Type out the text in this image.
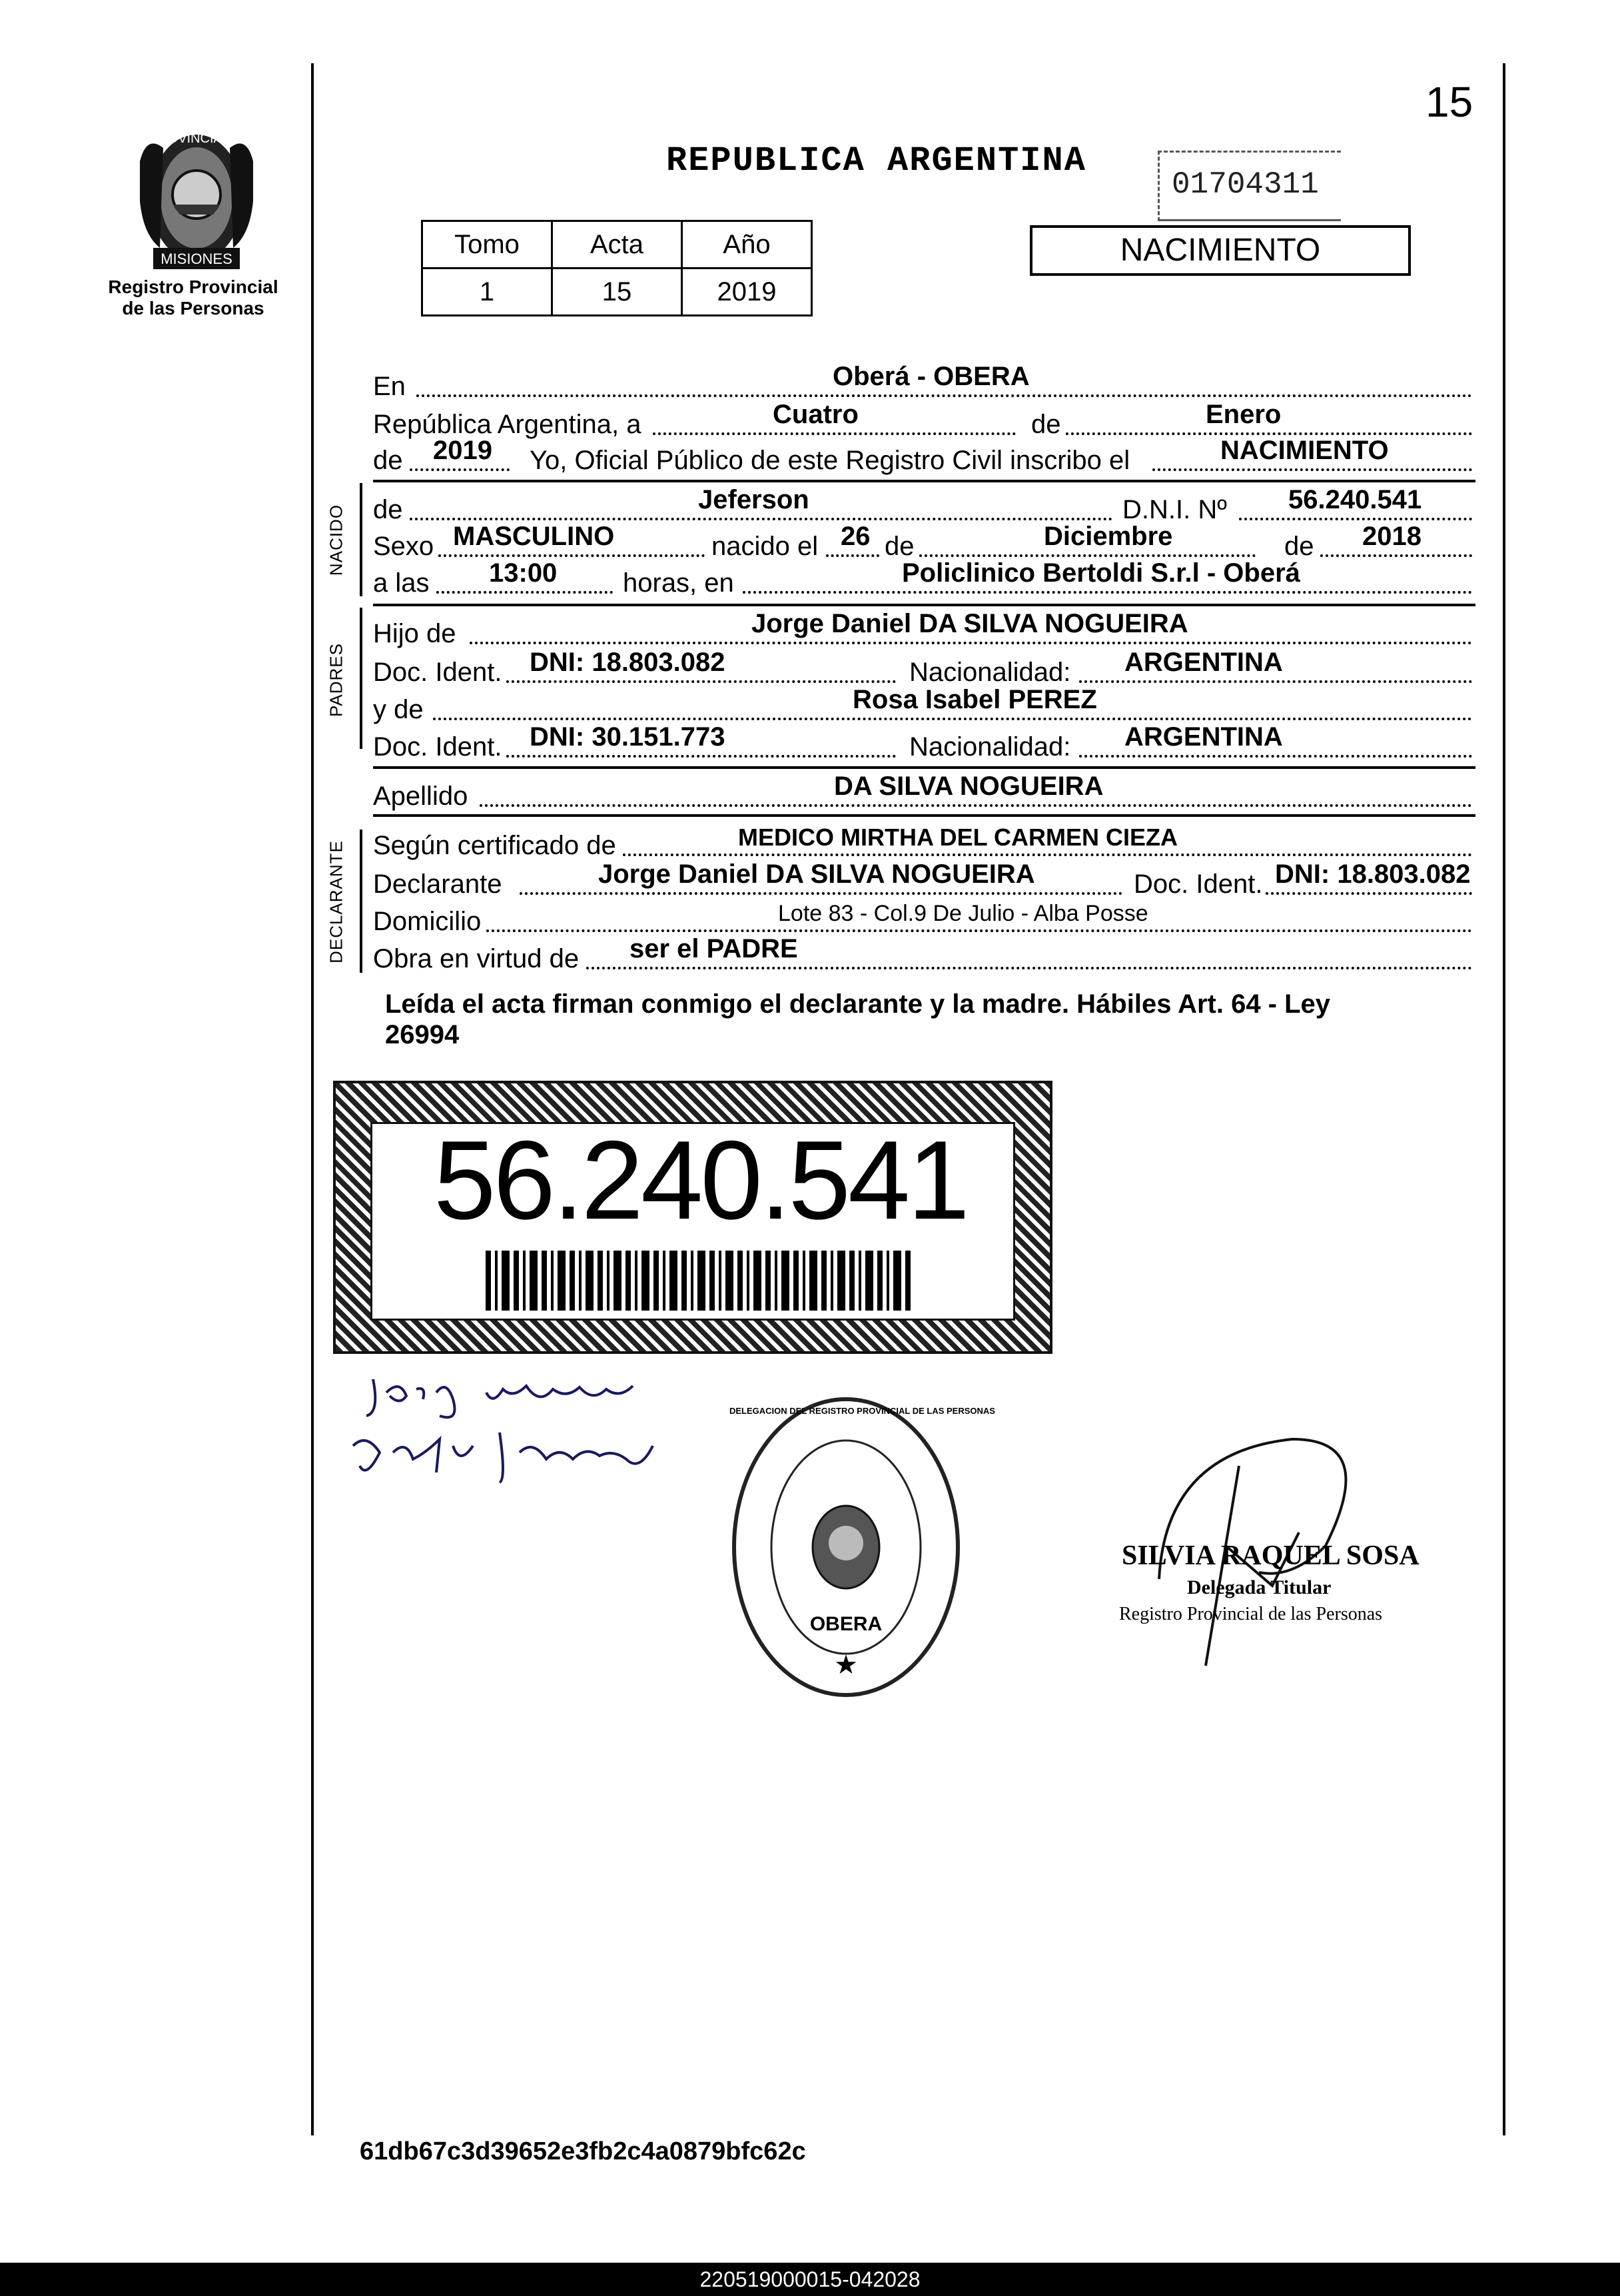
15
PROVINCIA DE
MISIONES
Registro Provincial
de las Personas
REPUBLICA ARGENTINA
01704311
NACIMIENTO
Tomo	Acta	Año
1	15	2019
En	Oberá - OBERA
República Argentina, a	Cuatro	de	Enero
de 2019 Yo, Oficial Público de este Registro Civil inscribo el	NACIMIENTO
NACIDO de	Jeferson	D.N.I. Nº 56.240.541
Sexo MASCULINO	nacido el 26 de	Diciembre	de 2018
a las 13:00 horas, en	Policlinico Bertoldi S.r.l - Oberá
PADRES
Hijo de	Jorge Daniel DA SILVA NOGUEIRA
Doc. Ident. DNI: 18.803.082	Nacionalidad: ARGENTINA
y de	Rosa Isabel PEREZ
Doc. Ident. DNI: 30.151.773	Nacionalidad: ARGENTINA
Apellido	DA SILVA NOGUEIRA
DECLARANTE Según certificado de	MEDICO MIRTHA DEL CARMEN CIEZA
Declarante	Jorge Daniel DA SILVA NOGUEIRA	Doc. Ident. DNI: 18.803.082
Domicilio	Lote 83 - Col.9 De Julio - Alba Posse
Obra en virtud de ser el PADRE
Leída el acta firman conmigo el declarante y la madre. Hábiles Art. 64 - Ley
26994
56.240.541
OBERA
★
DELEGACION DEL REGISTRO PROVINCIAL DE LAS PERSONAS
SILVIA RAQUEL SOSA
Delegada Titular
Registro Provincial de las Personas
61db67c3d39652e3fb2c4a0879bfc62c
220519000015-042028
